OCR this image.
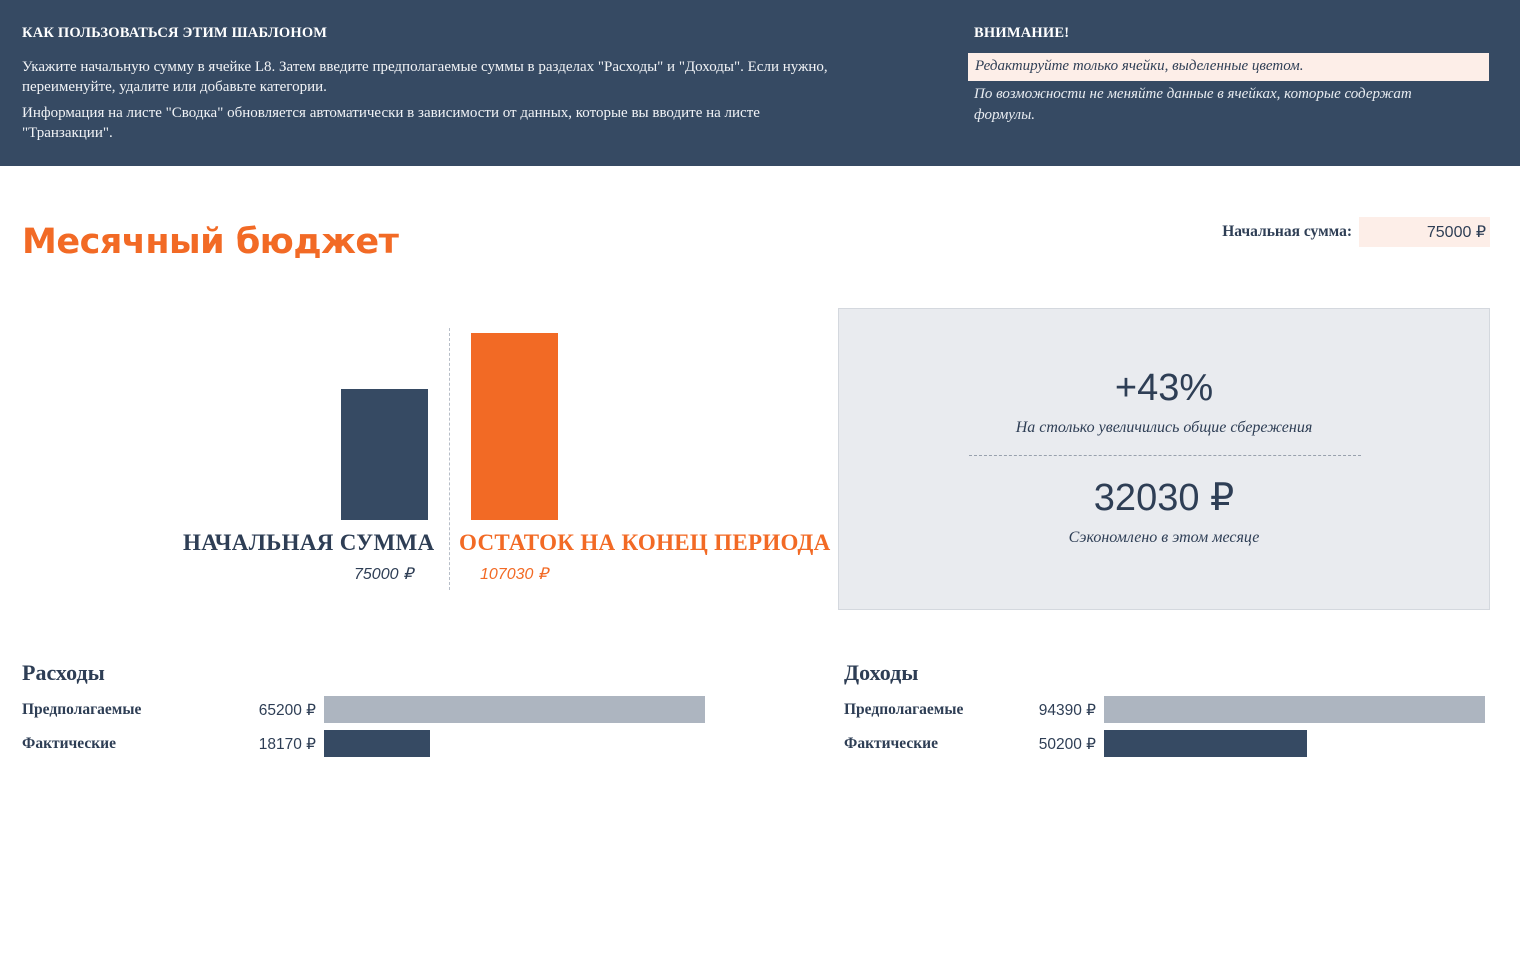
КАК ПОЛЬЗОВАТЬСЯ ЭТИМ ШАБЛОНОМ
Укажите начальную сумму в ячейке L8. Затем введите предполагаемые суммы в разделах "Расходы" и "Доходы". Если нужно, переименуйте, удалите или добавьте категории.
Информация на листе "Сводка" обновляется автоматически в зависимости от данных, которые вы вводите на листе "Транзакции".
ВНИМАНИЕ!
Редактируйте только ячейки, выделенные цветом.
По возможности не меняйте данные в ячейках, которые содержат формулы.
Месячный бюджет	Начальная сумма:	75000 ₽
НАЧАЛЬНАЯ СУММА ОСТАТОК НА КОНЕЦ ПЕРИОДА
75000 ₽	107030 ₽
+43%
На столько увеличились общие сбережения
32030 ₽
Сэкономлено в этом месяце
Расходы
Предполагаемые	65200 ₽
Фактические	18170 ₽
Доходы
Предполагаемые	94390 ₽
Фактические	50200 ₽
